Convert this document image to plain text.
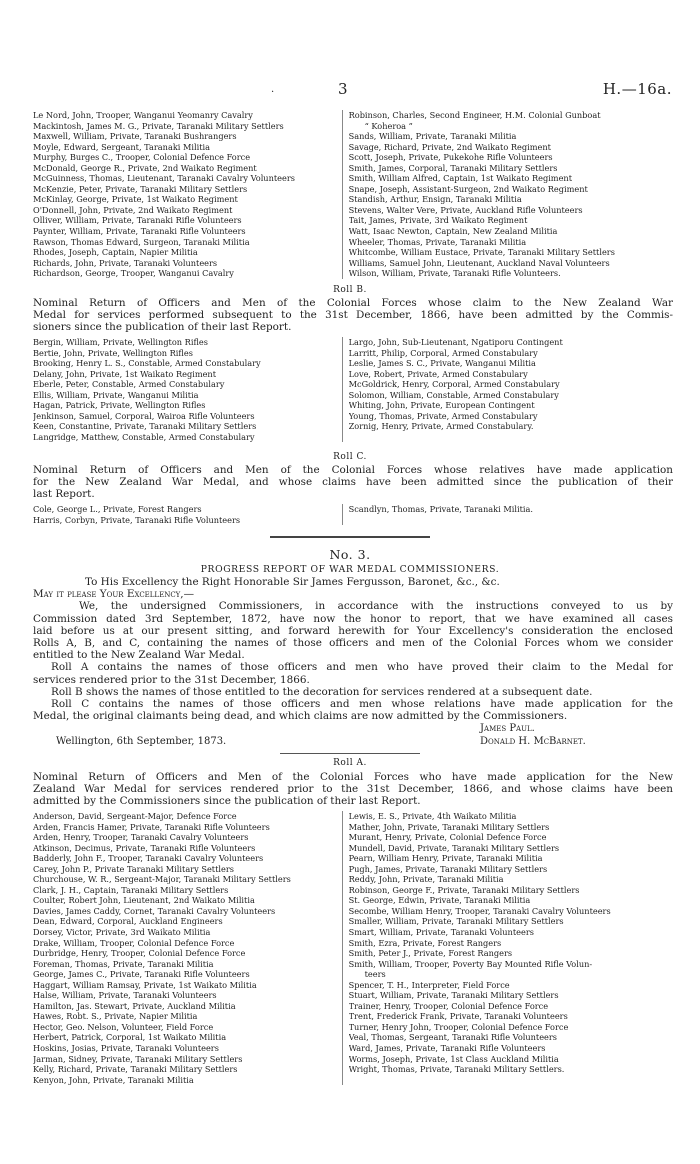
.	3	H.—16a.
Le Nord, John, Trooper, Wanganui Yeomanry Cavalry
Mackintosh, James M. G., Private, Taranaki Military Settlers
Maxwell, William, Private, Taranaki Bushrangers
Moyle, Edward, Sergeant, Taranaki Militia
Murphy, Burges C., Trooper, Colonial Defence Force
McDonald, George R., Private, 2nd Waikato Regiment
McGuinness, Thomas, Lieutenant, Taranaki Cavalry Volunteers
McKenzie, Peter, Private, Taranaki Military Settlers
McKinlay, George, Private, 1st Waikato Regiment
O'Donnell, John, Private, 2nd Waikato Regiment
Olliver, William, Private, Taranaki Rifle Volunteers
Paynter, William, Private, Taranaki Rifle Volunteers
Rawson, Thomas Edward, Surgeon, Taranaki Militia
Rhodes, Joseph, Captain, Napier Militia
Richards, John, Private, Taranaki Volunteers
Richardson, George, Trooper, Wanganui Cavalry
Robinson, Charles, Second Engineer, H.M. Colonial Gunboat
“ Koheroa ”
Sands, William, Private, Taranaki Militia
Savage, Richard, Private, 2nd Waikato Regiment
Scott, Joseph, Private, Pukekohe Rifle Volunteers
Smith, James, Corporal, Taranaki Military Settlers
Smith, William Alfred, Captain, 1st Waikato Regiment
Snape, Joseph, Assistant-Surgeon, 2nd Waikato Regiment
Standish, Arthur, Ensign, Taranaki Militia
Stevens, Walter Vere, Private, Auckland Rifle Volunteers
Tait, James, Private, 3rd Waikato Regiment
Watt, Isaac Newton, Captain, New Zealand Militia
Wheeler, Thomas, Private, Taranaki Militia
Whitcombe, William Eustace, Private, Taranaki Military Settlers
Williams, Samuel John, Lieutenant, Auckland Naval Volunteers
Wilson, William, Private, Taranaki Rifle Volunteers.
Roll B.
Nominal Return of Officers and Men of the Colonial Forces whose claim to the New Zealand War
Medal for services performed subsequent to the 31st December, 1866, have been admitted by the Commis-
sioners since the publication of their last Report.
Bergin, William, Private, Wellington Rifles
Bertie, John, Private, Wellington Rifles
Brooking, Henry L. S., Constable, Armed Constabulary
Delany, John, Private, 1st Waikato Regiment
Eberle, Peter, Constable, Armed Constabulary
Ellis, William, Private, Wanganui Militia
Hagan, Patrick, Private, Wellington Rifles
Jenkinson, Samuel, Corporal, Wairoa Rifle Volunteers
Keen, Constantine, Private, Taranaki Military Settlers
Langridge, Matthew, Constable, Armed Constabulary
Largo, John, Sub-Lieutenant, Ngatiporu Contingent
Larritt, Philip, Corporal, Armed Constabulary
Leslie, James S. C., Private, Wanganui Militia
Love, Robert, Private, Armed Constabulary
McGoldrick, Henry, Corporal, Armed Constabulary
Solomon, William, Constable, Armed Constabulary
Whiting, John, Private, European Contingent
Young, Thomas, Private, Armed Constabulary
Zornig, Henry, Private, Armed Constabulary.
Roll C.
Nominal Return of Officers and Men of the Colonial Forces whose relatives have made application
for the New Zealand War Medal, and whose claims have been admitted since the publication of their
last Report.
Cole, George L., Private, Forest Rangers
Harris, Corbyn, Private, Taranaki Rifle Volunteers
Scandlyn, Thomas, Private, Taranaki Militia.
No. 3.
PROGRESS REPORT OF WAR MEDAL COMMISSIONERS.
To His Excellency the Right Honorable Sir James Fergusson, Baronet, &c., &c.
May it please Your Excellency,—
We, the undersigned Commissioners, in accordance with the instructions conveyed to us by
Commission dated 3rd September, 1872, have now the honor to report, that we have examined all cases
laid before us at our present sitting, and forward herewith for Your Excellency's consideration the enclosed
Rolls A, B, and C, containing the names of those officers and men of the Colonial Forces whom we consider
entitled to the New Zealand War Medal.
Roll A contains the names of those officers and men who have proved their claim to the Medal for
services rendered prior to the 31st December, 1866.
Roll B shows the names of those entitled to the decoration for services rendered at a subsequent date.
Roll C contains the names of those officers and men whose relations have made application for the
Medal, the original claimants being dead, and which claims are now admitted by the Commissioners.
James Paul.
Wellington, 6th September, 1873.	Donald H. McBarnet.
Roll A.
Nominal Return of Officers and Men of the Colonial Forces who have made application for the New
Zealand War Medal for services rendered prior to the 31st December, 1866, and whose claims have been
admitted by the Commissioners since the publication of their last Report.
Anderson, David, Sergeant-Major, Defence Force
Arden, Francis Hamer, Private, Taranaki Rifle Volunteers
Arden, Henry, Trooper, Taranaki Cavalry Volunteers
Atkinson, Decimus, Private, Taranaki Rifle Volunteers
Badderly, John F., Trooper, Taranaki Cavalry Volunteers
Carey, John P., Private Taranaki Military Settlers
Churchouse, W. R., Sergeant-Major, Taranaki Military Settlers
Clark, J. H., Captain, Taranaki Military Settlers
Coulter, Robert John, Lieutenant, 2nd Waikato Militia
Davies, James Caddy, Cornet, Taranaki Cavalry Volunteers
Dean, Edward, Corporal, Auckland Engineers
Dorsey, Victor, Private, 3rd Waikato Militia
Drake, William, Trooper, Colonial Defence Force
Durbridge, Henry, Trooper, Colonial Defence Force
Foreman, Thomas, Private, Taranaki Militia
George, James C., Private, Taranaki Rifle Volunteers
Haggart, William Ramsay, Private, 1st Waikato Militia
Halse, William, Private, Taranaki Volunteers
Hamilton, Jas. Stewart, Private, Auckland Militia
Hawes, Robt. S., Private, Napier Militia
Hector, Geo. Nelson, Volunteer, Field Force
Herbert, Patrick, Corporal, 1st Waikato Militia
Hoskins, Josias, Private, Taranaki Volunteers
Jarman, Sidney, Private, Taranaki Military Settlers
Kelly, Richard, Private, Taranaki Military Settlers
Kenyon, John, Private, Taranaki Militia
Lewis, E. S., Private, 4th Waikato Militia
Mather, John, Private, Taranaki Military Settlers
Murant, Henry, Private, Colonial Defence Force
Mundell, David, Private, Taranaki Military Settlers
Pearn, William Henry, Private, Taranaki Militia
Pugh, James, Private, Taranaki Military Settlers
Reddy, John, Private, Taranaki Militia
Robinson, George F., Private, Taranaki Military Settlers
St. George, Edwin, Private, Taranaki Militia
Secombe, William Henry, Trooper, Taranaki Cavalry Volunteers
Smaller, William, Private, Taranaki Military Settlers
Smart, William, Private, Taranaki Volunteers
Smith, Ezra, Private, Forest Rangers
Smith, Peter J., Private, Forest Rangers
Smith, William, Trooper, Poverty Bay Mounted Rifle Volun-
teers
Spencer, T. H., Interpreter, Field Force
Stuart, William, Private, Taranaki Military Settlers
Trainer, Henry, Trooper, Colonial Defence Force
Trent, Frederick Frank, Private, Taranaki Volunteers
Turner, Henry John, Trooper, Colonial Defence Force
Veal, Thomas, Sergeant, Taranaki Rifle Volunteers
Ward, James, Private, Taranaki Rifle Volunteers
Worms, Joseph, Private, 1st Class Auckland Militia
Wright, Thomas, Private, Taranaki Military Settlers.
